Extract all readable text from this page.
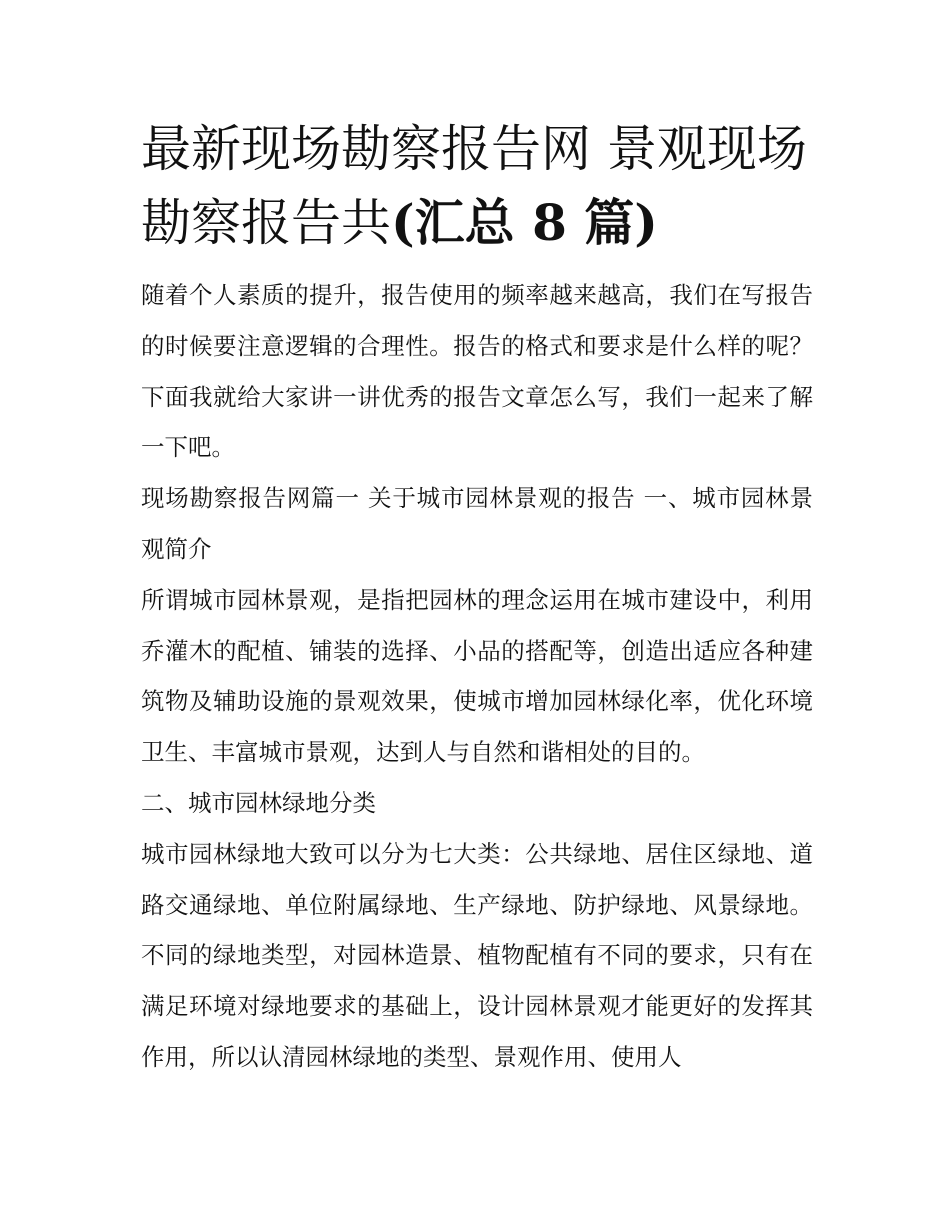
最新现场勘察报告网 景观现场勘察报告共(汇总 8 篇)

随着个人素质的提升，报告使用的频率越来越高，我们在写报告的时候要注意逻辑的合理性。报告的格式和要求是什么样的呢？下面我就给大家讲一讲优秀的报告文章怎么写，我们一起来了解一下吧。

现场勘察报告网篇一 关于城市园林景观的报告 一、城市园林景观简介

所谓城市园林景观，是指把园林的理念运用在城市建设中，利用乔灌木的配植、铺装的选择、小品的搭配等，创造出适应各种建筑物及辅助设施的景观效果，使城市增加园林绿化率，优化环境卫生、丰富城市景观，达到人与自然和谐相处的目的。

二、城市园林绿地分类

城市园林绿地大致可以分为七大类：公共绿地、居住区绿地、道路交通绿地、单位附属绿地、生产绿地、防护绿地、风景绿地。不同的绿地类型，对园林造景、植物配植有不同的要求，只有在满足环境对绿地要求的基础上，设计园林景观才能更好的发挥其作用，所以认清园林绿地的类型、景观作用、使用人
